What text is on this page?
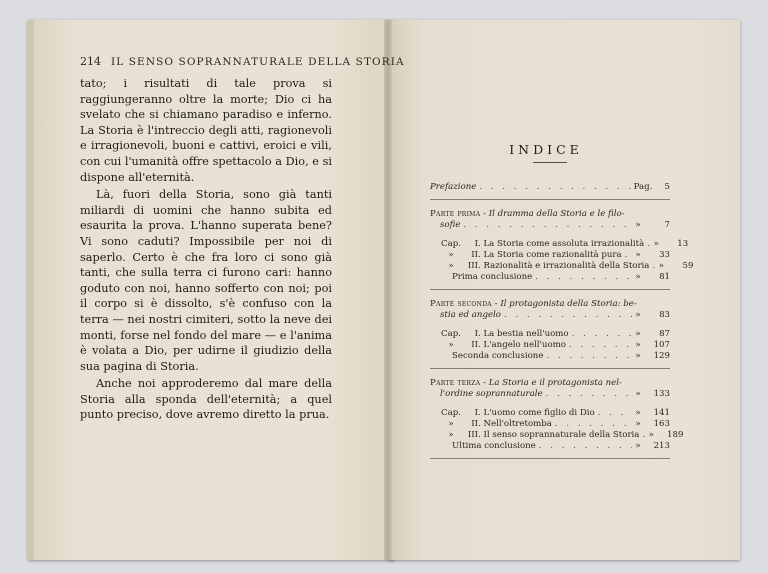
214 IL SENSO SOPRANNATURALE DELLA STORIA

tato; i risultati di tale prova si raggiungeranno oltre la morte; Dio ci ha svelato che si chiamano paradiso e inferno. La Storia è l'intreccio degli atti, ragionevoli e irragionevoli, buoni e cattivi, eroici e vili, con cui l'umanità offre spettacolo a Dio, e si dispone all'eternità.

Là, fuori della Storia, sono già tanti miliardi di uomini che hanno subita ed esaurita la prova. L'hanno superata bene? Vi sono caduti? Impossibile per noi di saperlo. Certo è che fra loro ci sono già tanti, che sulla terra ci furono cari: hanno goduto con noi, hanno sofferto con noi; poi il corpo si è dissolto, s'è confuso con la terra — nei nostri cimiteri, sotto la neve dei monti, forse nel fondo del mare — e l'anima è volata a Dio, per udirne il giudizio della sua pagina di Storia.

Anche noi approderemo dal mare della Storia alla sponda dell'eternità; a quel punto preciso, dove avremo diretto la prua.

INDICE
Prefazione . . .	Pag.	5
Parte prima - Il dramma della Storia e le filo-
sofie . . .	»	7
Cap. I. La Storia come assoluta irrazionalità . . .	»	13
» II. La Storia come razionalità pura . . .	»	33
» III. Razionalità e irrazionalità della Storia . . .	»	59
Prima conclusione . . .	»	81
Parte seconda - Il protagonista della Storia: be-
stia ed angelo . . .	»	83
Cap. I. La bestia nell'uomo . . .	»	87
» II. L'angelo nell'uomo . . .	»	107
Seconda conclusione . . .	»	129
Parte terza - La Storia e il protagonista nel-
l'ordine soprannaturale . . .	»	133
Cap. I. L'uomo come figlio di Dio . . .	»	141
» II. Nell'oltretomba . . .	»	163
» III. Il senso soprannaturale della Storia . . .	»	189
Ultima conclusione . . .	»	213
